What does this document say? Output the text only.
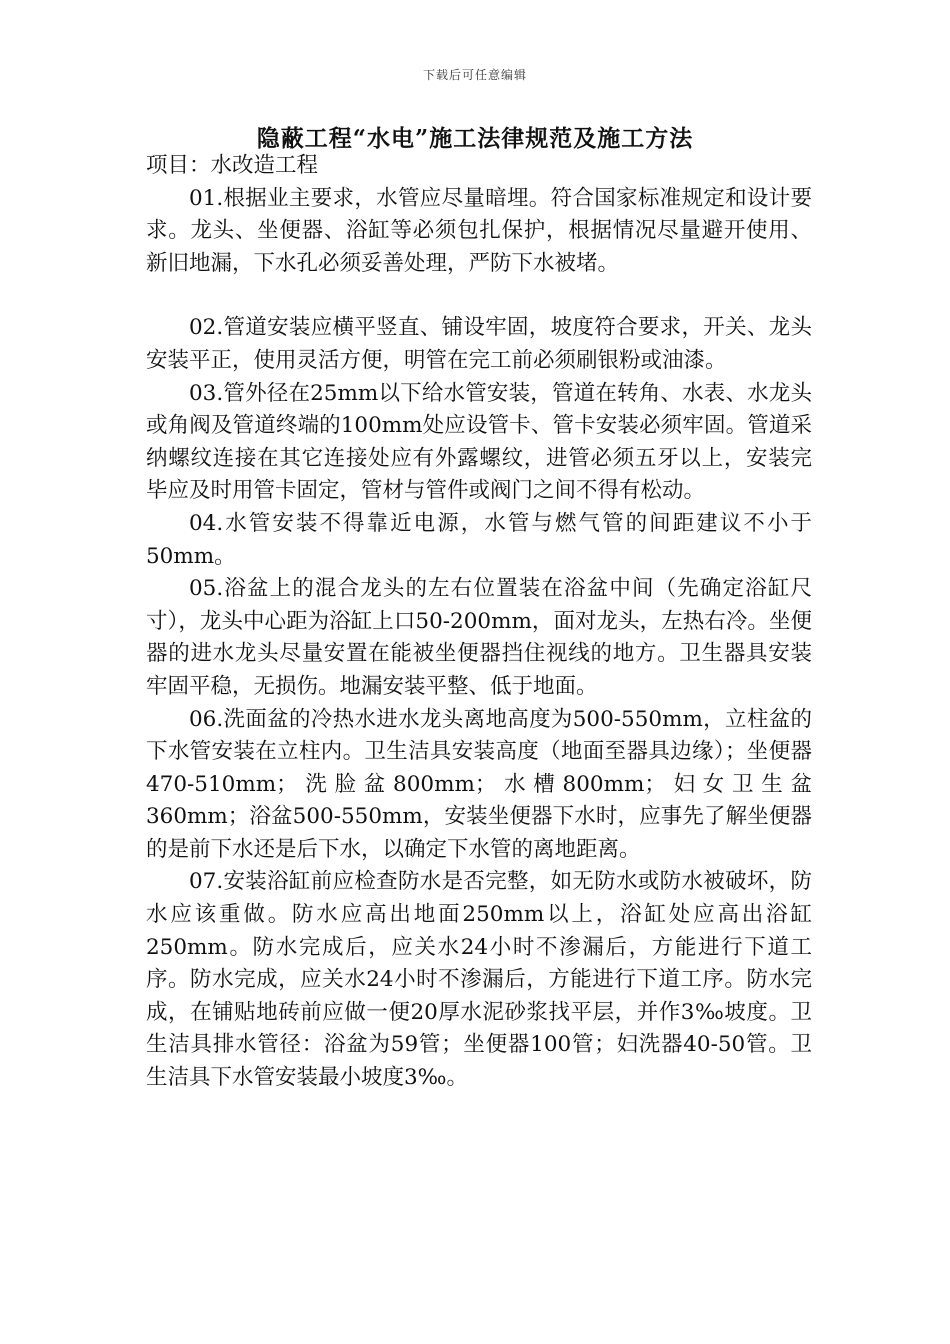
下载后可任意编辑
隐蔽工程“水电”施工法律规范及施工方法

项目：水改造工程

01.根据业主要求，水管应尽量暗埋。符合国家标准规定和设计要求。龙头、坐便器、浴缸等必须包扎保护，根据情况尽量避开使用、新旧地漏，下水孔必须妥善处理，严防下水被堵。

02.管道安装应横平竖直、铺设牢固，坡度符合要求，开关、龙头安装平正，使用灵活方便，明管在完工前必须刷银粉或油漆。

03.管外径在25mm以下给水管安装，管道在转角、水表、水龙头或角阀及管道终端的100mm处应设管卡、管卡安装必须牢固。管道采纳螺纹连接在其它连接处应有外露螺纹，进管必须五牙以上，安装完毕应及时用管卡固定，管材与管件或阀门之间不得有松动。

04.水管安装不得靠近电源，水管与燃气管的间距建议不小于50mm。

05.浴盆上的混合龙头的左右位置装在浴盆中间（先确定浴缸尺寸），龙头中心距为浴缸上口50-200mm，面对龙头，左热右冷。坐便器的进水龙头尽量安置在能被坐便器挡住视线的地方。卫生器具安装牢固平稳，无损伤。地漏安装平整、低于地面。

06.洗面盆的冷热水进水龙头离地高度为500-550mm，立柱盆的下水管安装在立柱内。卫生洁具安装高度（地面至器具边缘）；坐便器470-510mm；洗脸盆800mm；水槽800mm；妇女卫生盆360mm；浴盆500-550mm，安装坐便器下水时，应事先了解坐便器的是前下水还是后下水，以确定下水管的离地距离。

07.安装浴缸前应检查防水是否完整，如无防水或防水被破坏，防水应该重做。防水应高出地面250mm以上，浴缸处应高出浴缸250mm。防水完成后，应关水24小时不渗漏后，方能进行下道工序。防水完成，应关水24小时不渗漏后，方能进行下道工序。防水完成，在铺贴地砖前应做一便20厚水泥砂浆找平层，并作3‰坡度。卫生洁具排水管径：浴盆为59管；坐便器100管；妇洗器40-50管。卫生洁具下水管安装最小坡度3‰。
